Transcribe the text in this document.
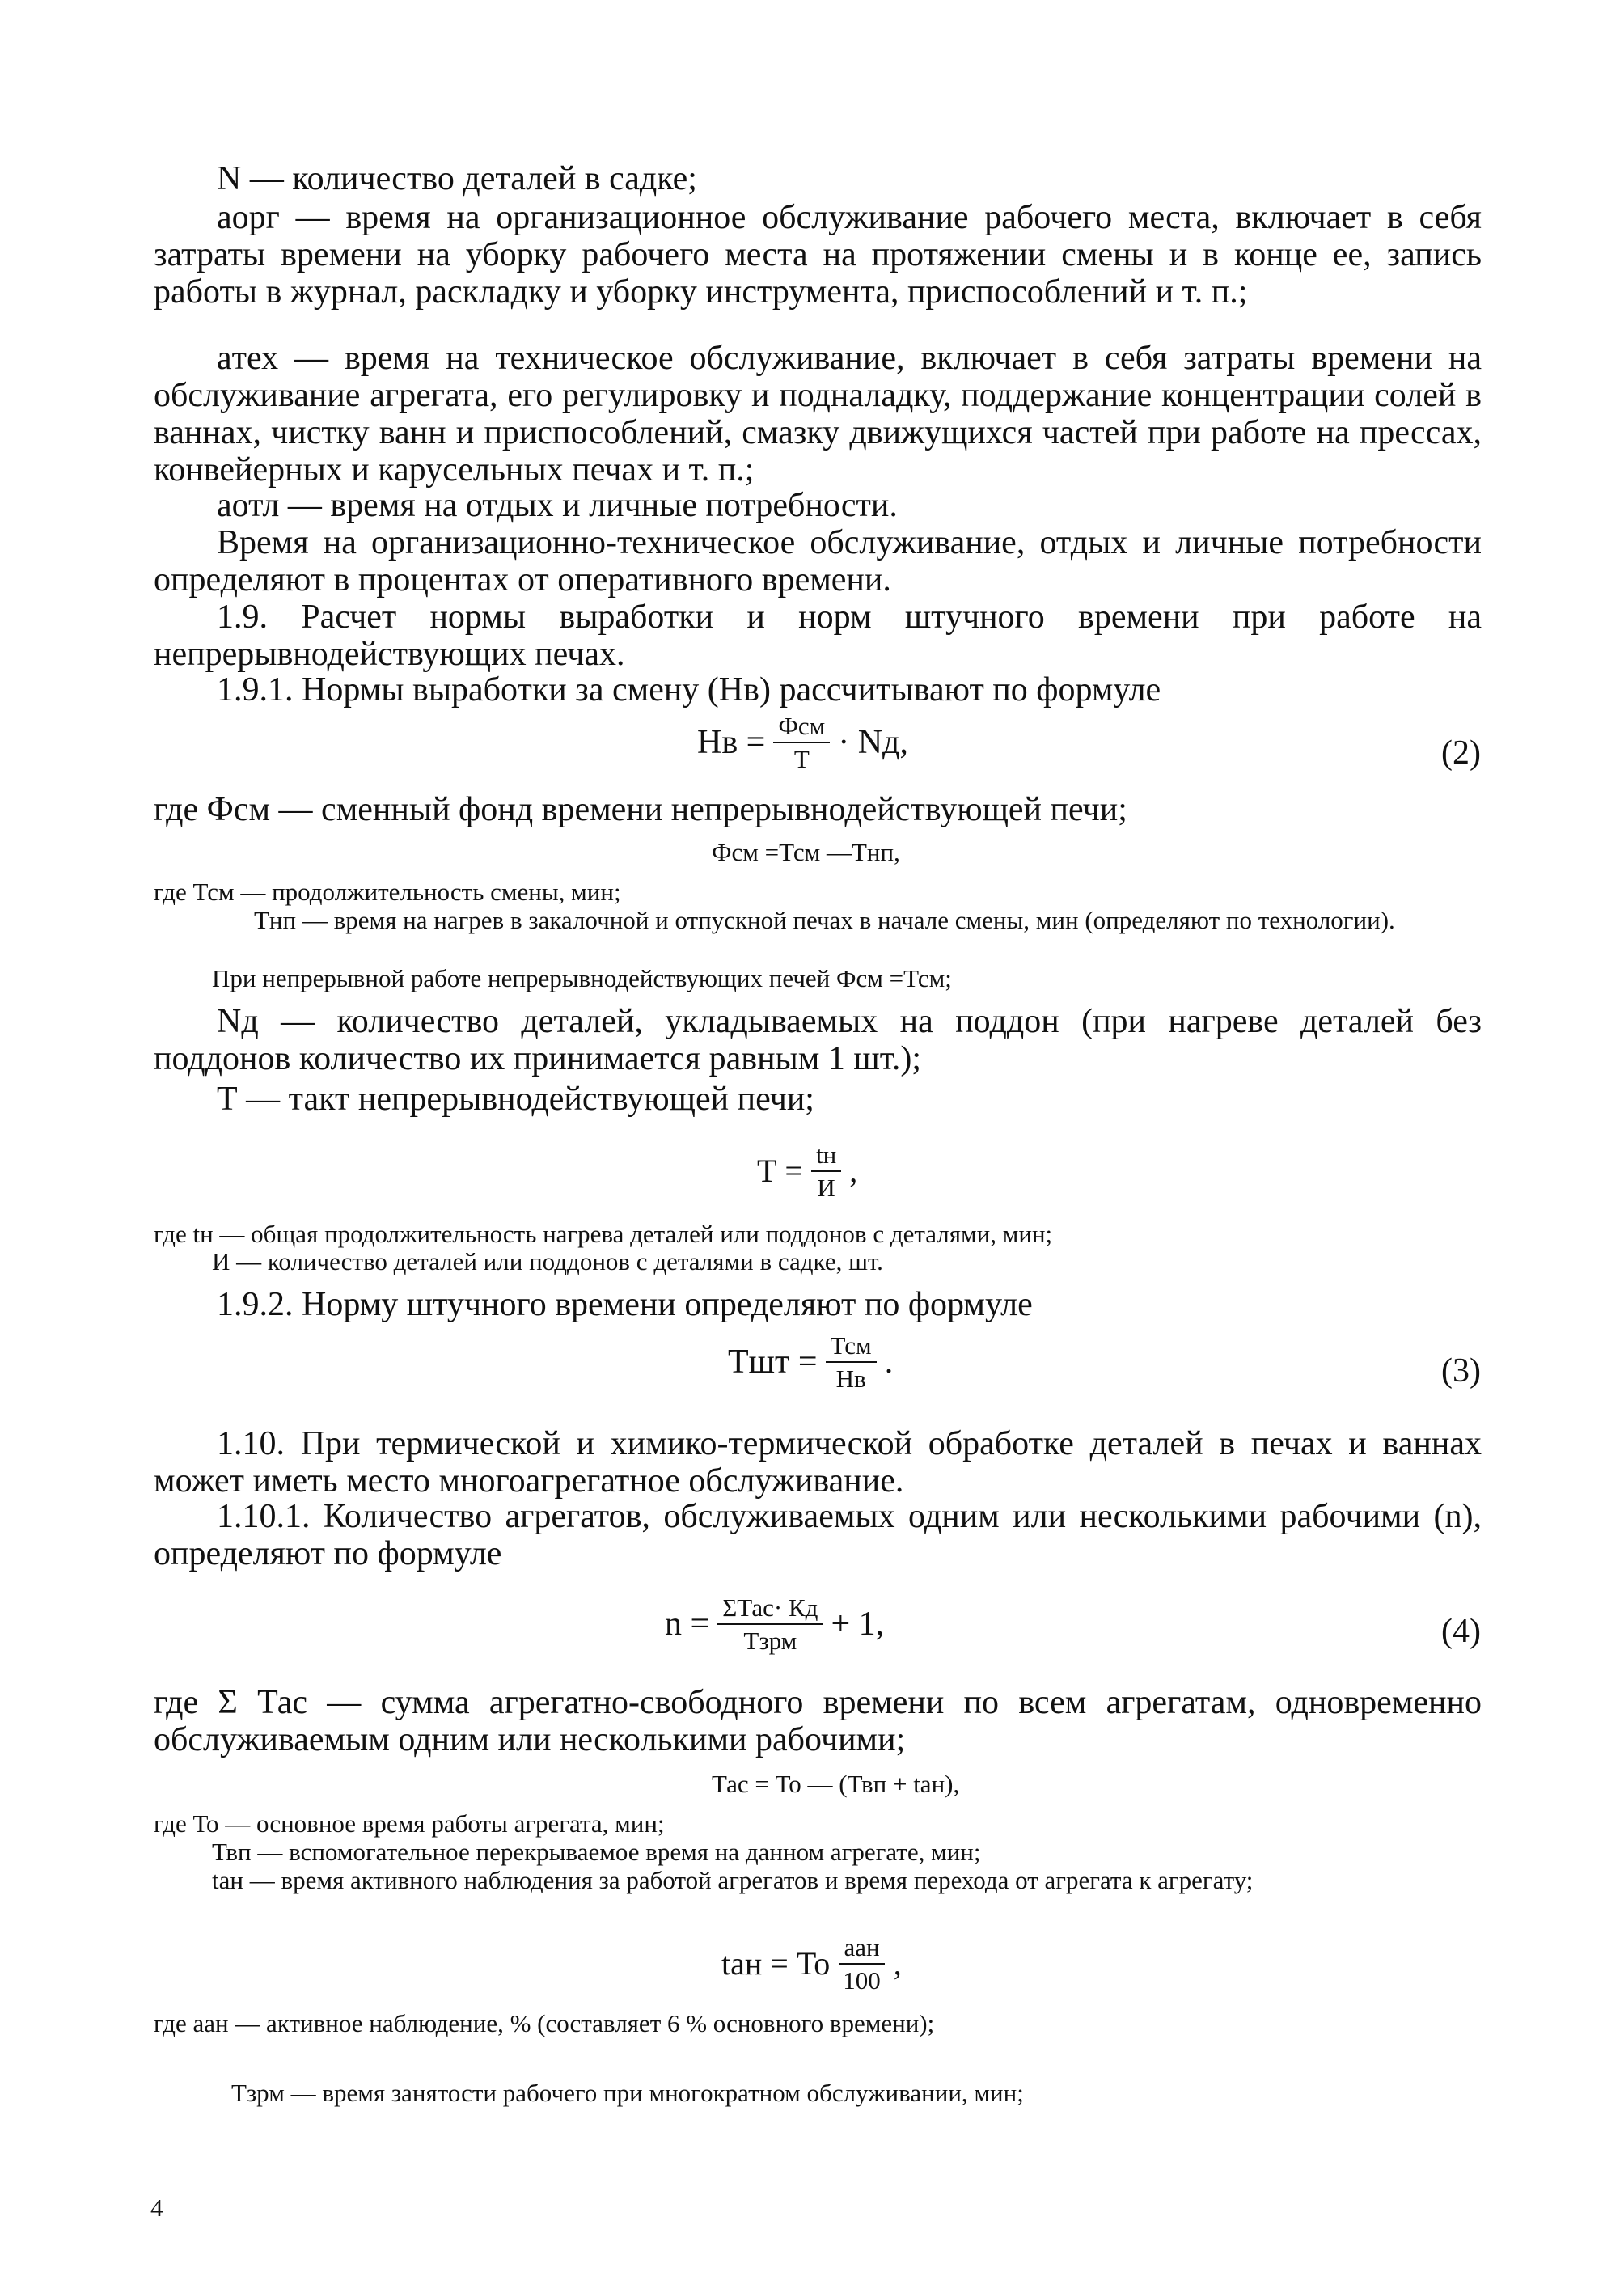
N — количество деталей в садке;

aорг — время на организационное обслуживание рабочего места, включает в себя затраты времени на уборку рабочего места на протяжении смены и в конце ее, запись работы в журнал, раскладку и уборку инструмента, приспособлений и т. п.;

aтех — время на техническое обслуживание, включает в себя затраты времени на обслуживание агрегата, его регулировку и подналадку, поддержание концентрации солей в ваннах, чистку ванн и приспособлений, смазку движущихся частей при работе на прессах, конвейерных и карусельных печах и т. п.;

aотл — время на отдых и личные потребности.

Время на организационно-техническое обслуживание, отдых и личные потребности определяют в процентах от оперативного времени.

1.9. Расчет нормы выработки и норм штучного времени при работе на непрерывнодействующих печах.

1.9.1. Нормы выработки за смену (Hв) рассчитывают по формуле

Hв = $\frac{\text{Фсм}}{T}$ · Nд,	(2)

где Фсм — сменный фонд времени непрерывнодействующей печи;

Фсм =Тсм —Тнп,

где Тсм — продолжительность смены, мин;

Тнп — время на нагрев в закалочной и отпускной печах в начале смены, мин (определяют по технологии).

При непрерывной работе непрерывнодействующих печей Фсм =Тсм;

Nд — количество деталей, укладываемых на поддон (при нагреве деталей без поддонов количество их принимается равным 1 шт.);

Т — такт непрерывнодействующей печи;

$Т = \frac{tн}{И}$ ,

где tн — общая продолжительность нагрева деталей или поддонов с деталями, мин;

И — количество деталей или поддонов с деталями в садке, шт.

1.9.2. Норму штучного времени определяют по формуле

Тшт = $\frac{\text{Тсм}}{Нв}$ .	(3)

1.10. При термической и химико-термической обработке деталей в печах и ваннах может иметь место многоагрегатное обслуживание.

1.10.1. Количество агрегатов, обслуживаемых одним или несколькими рабочими (n), определяют по формуле

$n = \frac{\text{ΣТас· Кд}}{\text{Тзрм}} + 1$,	(4)

где Σ Тас — сумма агрегатно-свободного времени по всем агрегатам, одновременно обслуживаемым одним или несколькими рабочими;

Тас = То — (Твп + tан),

где То — основное время работы агрегата, мин;

Твп — вспомогательное перекрываемое время на данном агрегате, мин;

tан — время активного наблюдения за работой агрегатов и время перехода от агрегата к агрегату;

tан = То $\frac{\text{aан}}{100}$ ,

где aан — активное наблюдение, % (составляет 6 % основного времени);

Тзрм — время занятости рабочего при многократном обслуживании, мин;

4
